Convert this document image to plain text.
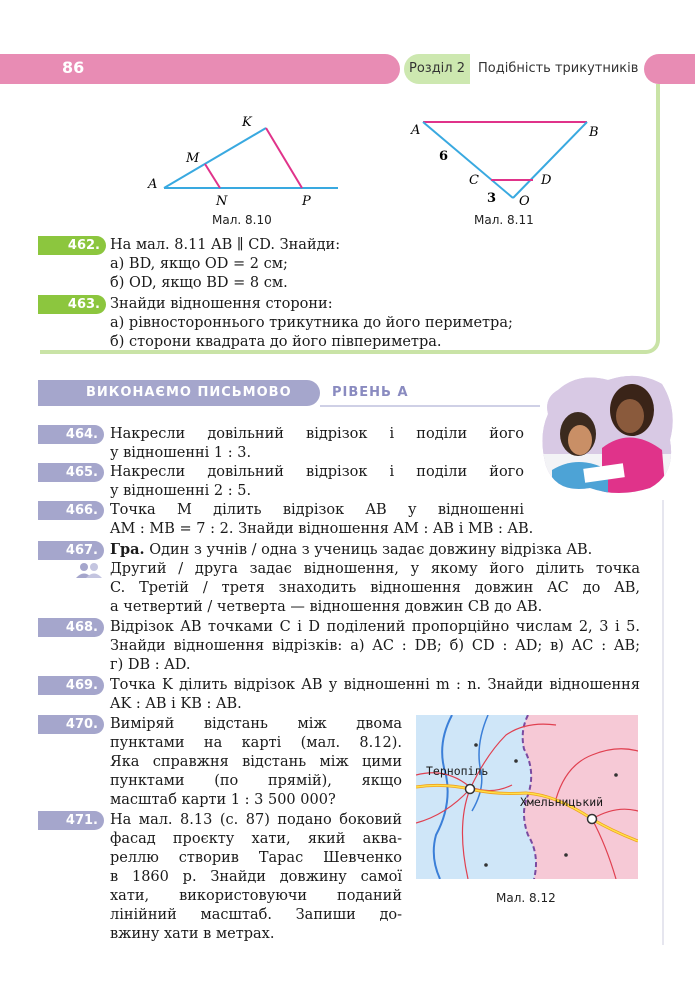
86	Розділ 2 Подібність трикутників
A
M
K
N	P
Мал. 8.10
A	B
C	D
O
6
3
Мал. 8.11
462. На мал. 8.11 AB ∥ CD. Знайди:
а) BD, якщо OD = 2 см;
б) OD, якщо BD = 8 см.
463. Знайди відношення сторони:
а) рівностороннього трикутника до його периметра;
б) сторони квадрата до його півпериметра.
ВИКОНАЄМО ПИСЬМОВО	РІВЕНЬ А
464. Накресли довільний відрізок і поділи його
у відношенні 1 : 3.
465. Накресли довільний відрізок і поділи його
у відношенні 2 : 5.
466. Точка M ділить відрізок AB у відношенні
AM : MB = 7 : 2. Знайди відношення AM : AB і MB : AB.
467. Гра. Один з учнів / одна з учениць задає довжину відрізка AB.
Другий / друга задає відношення, у якому його ділить точка
C. Третій / третя знаходить відношення довжин AC до AB,
а четвертий / четверта — відношення довжин CB до AB.
468. Відрізок AB точками C і D поділений пропорційно числам 2, 3 і 5.
Знайди відношення відрізків: а) AC : DB; б) CD : AD; в) AC : AB;
г) DB : AD.
469. Точка K ділить відрізок AB у відношенні m : n. Знайди відношення
AK : AB і KB : AB.
470. Виміряй відстань між двома
пунктами на карті (мал. 8.12).
Яка справжня відстань між цими
пунктами (по прямій), якщо
масштаб карти 1 : 3 500 000?
471. На мал. 8.13 (с. 87) подано боковий
фасад проєкту хати, який аква-
реллю створив Тарас Шевченко
в 1860 р. Знайди довжину самої
хати, використовуючи поданий
лінійний масштаб. Запиши до-
вжину хати в метрах.
Тернопіль
Хмельницький
Мал. 8.12
